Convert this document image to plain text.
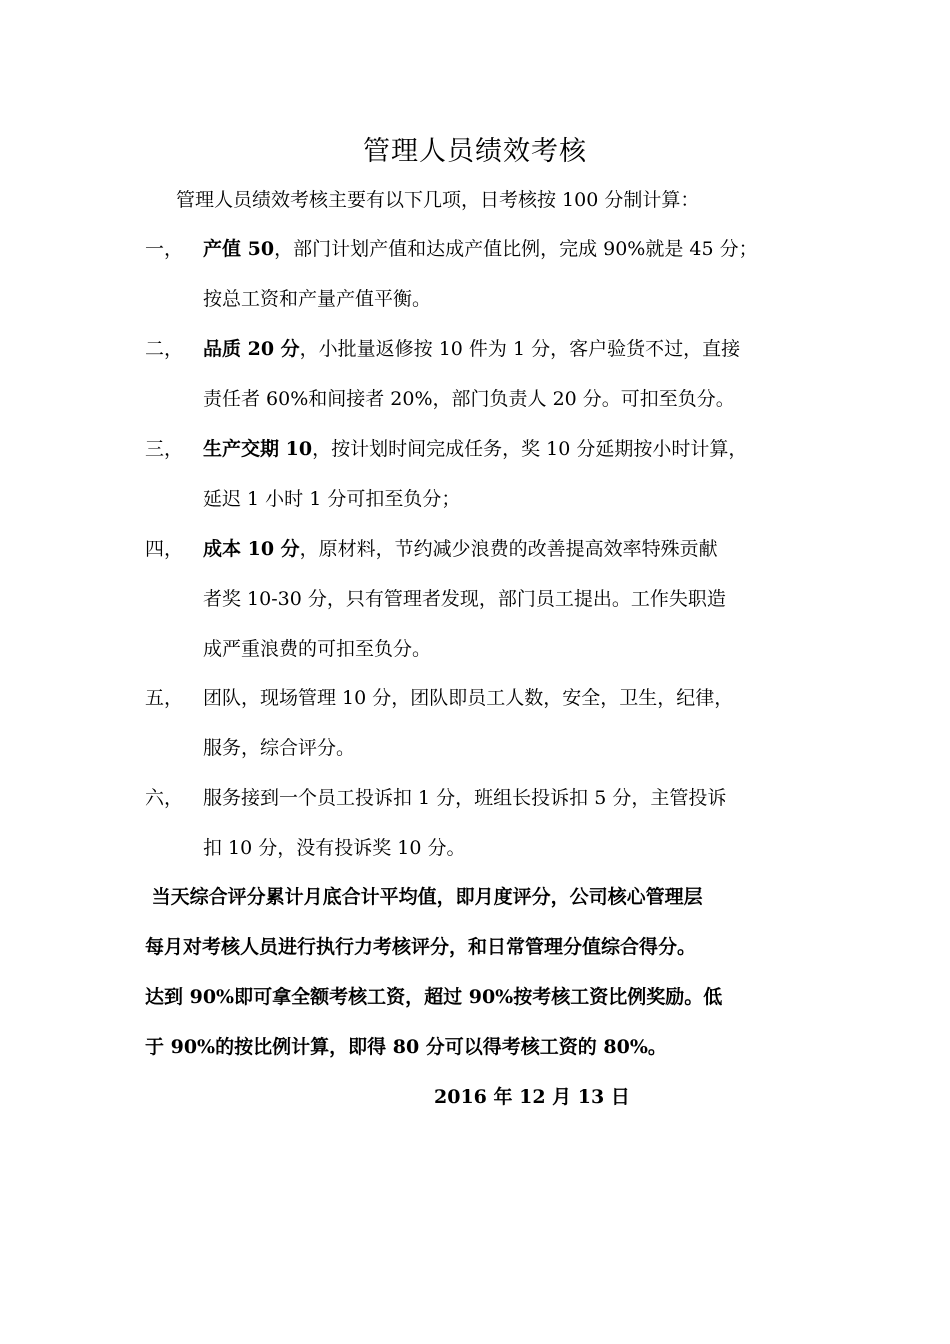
管理人员绩效考核
管理人员绩效考核主要有以下几项，日考核按 100 分制计算：
一，	产值 50，部门计划产值和达成产值比例，完成 90%就是 45 分；
按总工资和产量产值平衡。
二，	品质 20 分，小批量返修按 10 件为 1 分，客户验货不过，直接
责任者 60%和间接者 20%，部门负责人 20 分。可扣至负分。
三，	生产交期 10，按计划时间完成任务，奖 10 分延期按小时计算，
延迟 1 小时 1 分可扣至负分；
四，	成本 10 分，原材料，节约减少浪费的改善提高效率特殊贡献
者奖 10-30 分，只有管理者发现，部门员工提出。工作失职造
成严重浪费的可扣至负分。
五，	团队，现场管理 10 分，团队即员工人数，安全，卫生，纪律，
服务，综合评分。
六，	服务接到一个员工投诉扣 1 分，班组长投诉扣 5 分，主管投诉
扣 10 分，没有投诉奖 10 分。
当天综合评分累计月底合计平均值，即月度评分，公司核心管理层
每月对考核人员进行执行力考核评分，和日常管理分值综合得分。
达到 90%即可拿全额考核工资，超过 90%按考核工资比例奖励。低
于 90%的按比例计算，即得 80 分可以得考核工资的 80%。
2016 年 12 月 13 日
